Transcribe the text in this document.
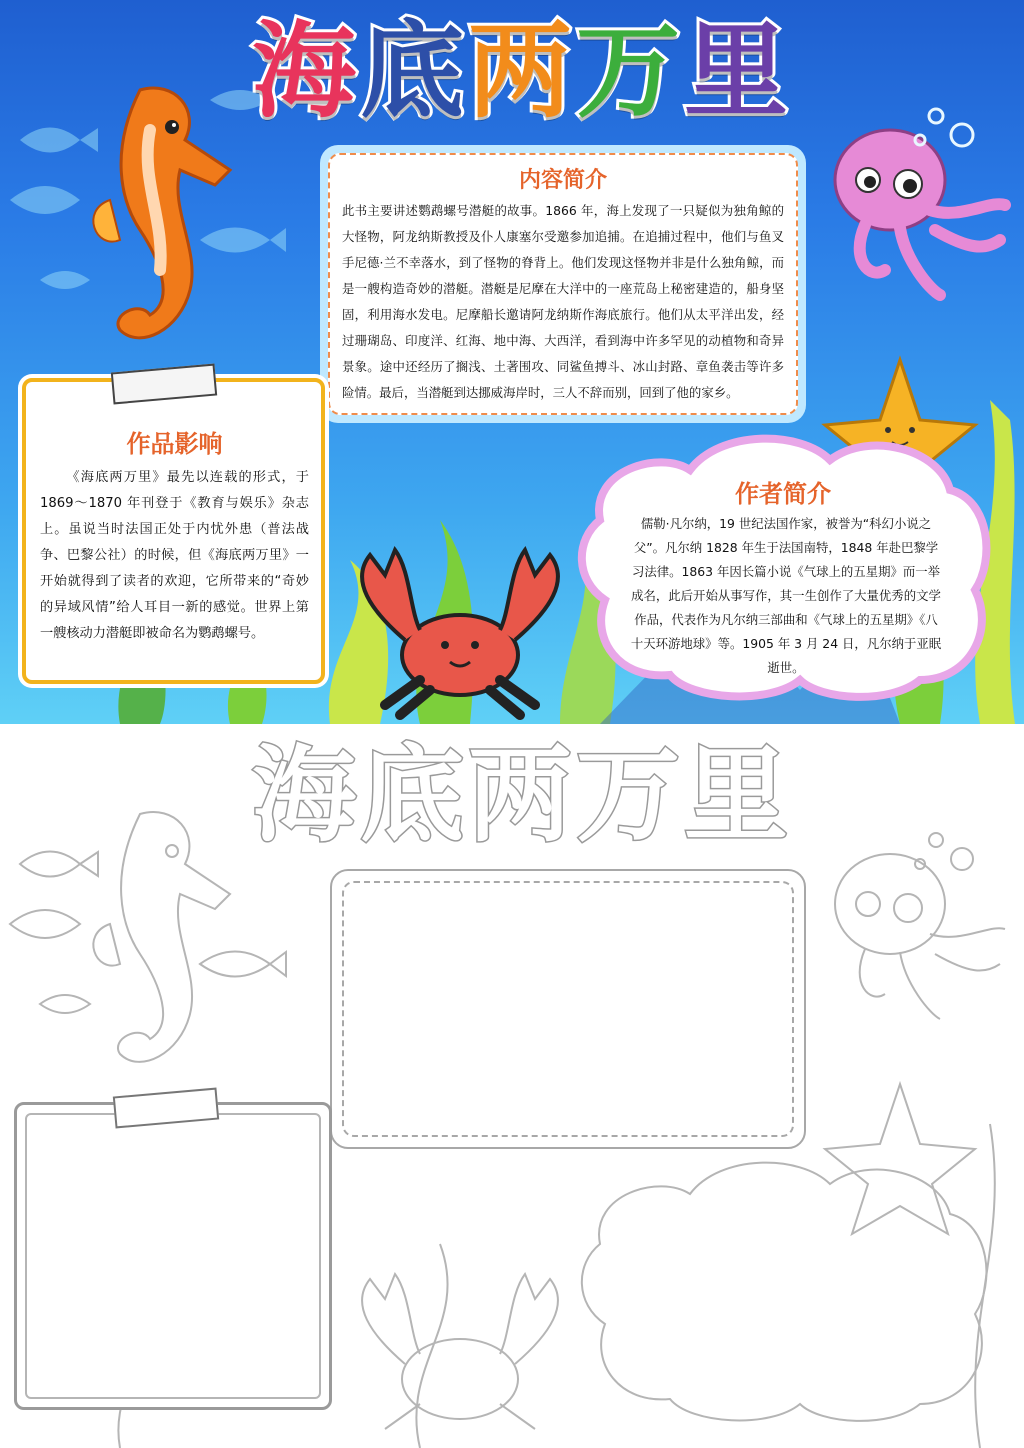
海 底 两 万 里
内容简介

此书主要讲述鹦鹉螺号潜艇的故事。1866 年，海上发现了一只疑似为独角鲸的大怪物，阿龙纳斯教授及仆人康塞尔受邀参加追捕。在追捕过程中，他们与鱼叉手尼德·兰不幸落水，到了怪物的脊背上。他们发现这怪物并非是什么独角鲸，而是一艘构造奇妙的潜艇。潜艇是尼摩在大洋中的一座荒岛上秘密建造的，船身坚固，利用海水发电。尼摩船长邀请阿龙纳斯作海底旅行。他们从太平洋出发，经过珊瑚岛、印度洋、红海、地中海、大西洋，看到海中许多罕见的动植物和奇异景象。途中还经历了搁浅、土著围攻、同鲨鱼搏斗、冰山封路、章鱼袭击等许多险情。最后，当潜艇到达挪威海岸时，三人不辞而别，回到了他的家乡。

作品影响

《海底两万里》最先以连载的形式，于 1869～1870 年刊登于《教育与娱乐》杂志上。虽说当时法国正处于内忧外患（普法战争、巴黎公社）的时候，但《海底两万里》一开始就得到了读者的欢迎，它所带来的“奇妙的异域风情”给人耳目一新的感觉。世界上第一艘核动力潜艇即被命名为鹦鹉螺号。

作者简介

儒勒·凡尔纳，19 世纪法国作家，被誉为“科幻小说之父”。凡尔纳 1828 年生于法国南特，1848 年赴巴黎学习法律。1863 年因长篇小说《气球上的五星期》而一举成名，此后开始从事写作，其一生创作了大量优秀的文学作品，代表作为凡尔纳三部曲和《气球上的五星期》《八十天环游地球》等。1905 年 3 月 24 日，凡尔纳于亚眠逝世。

海 底 两 万 里
